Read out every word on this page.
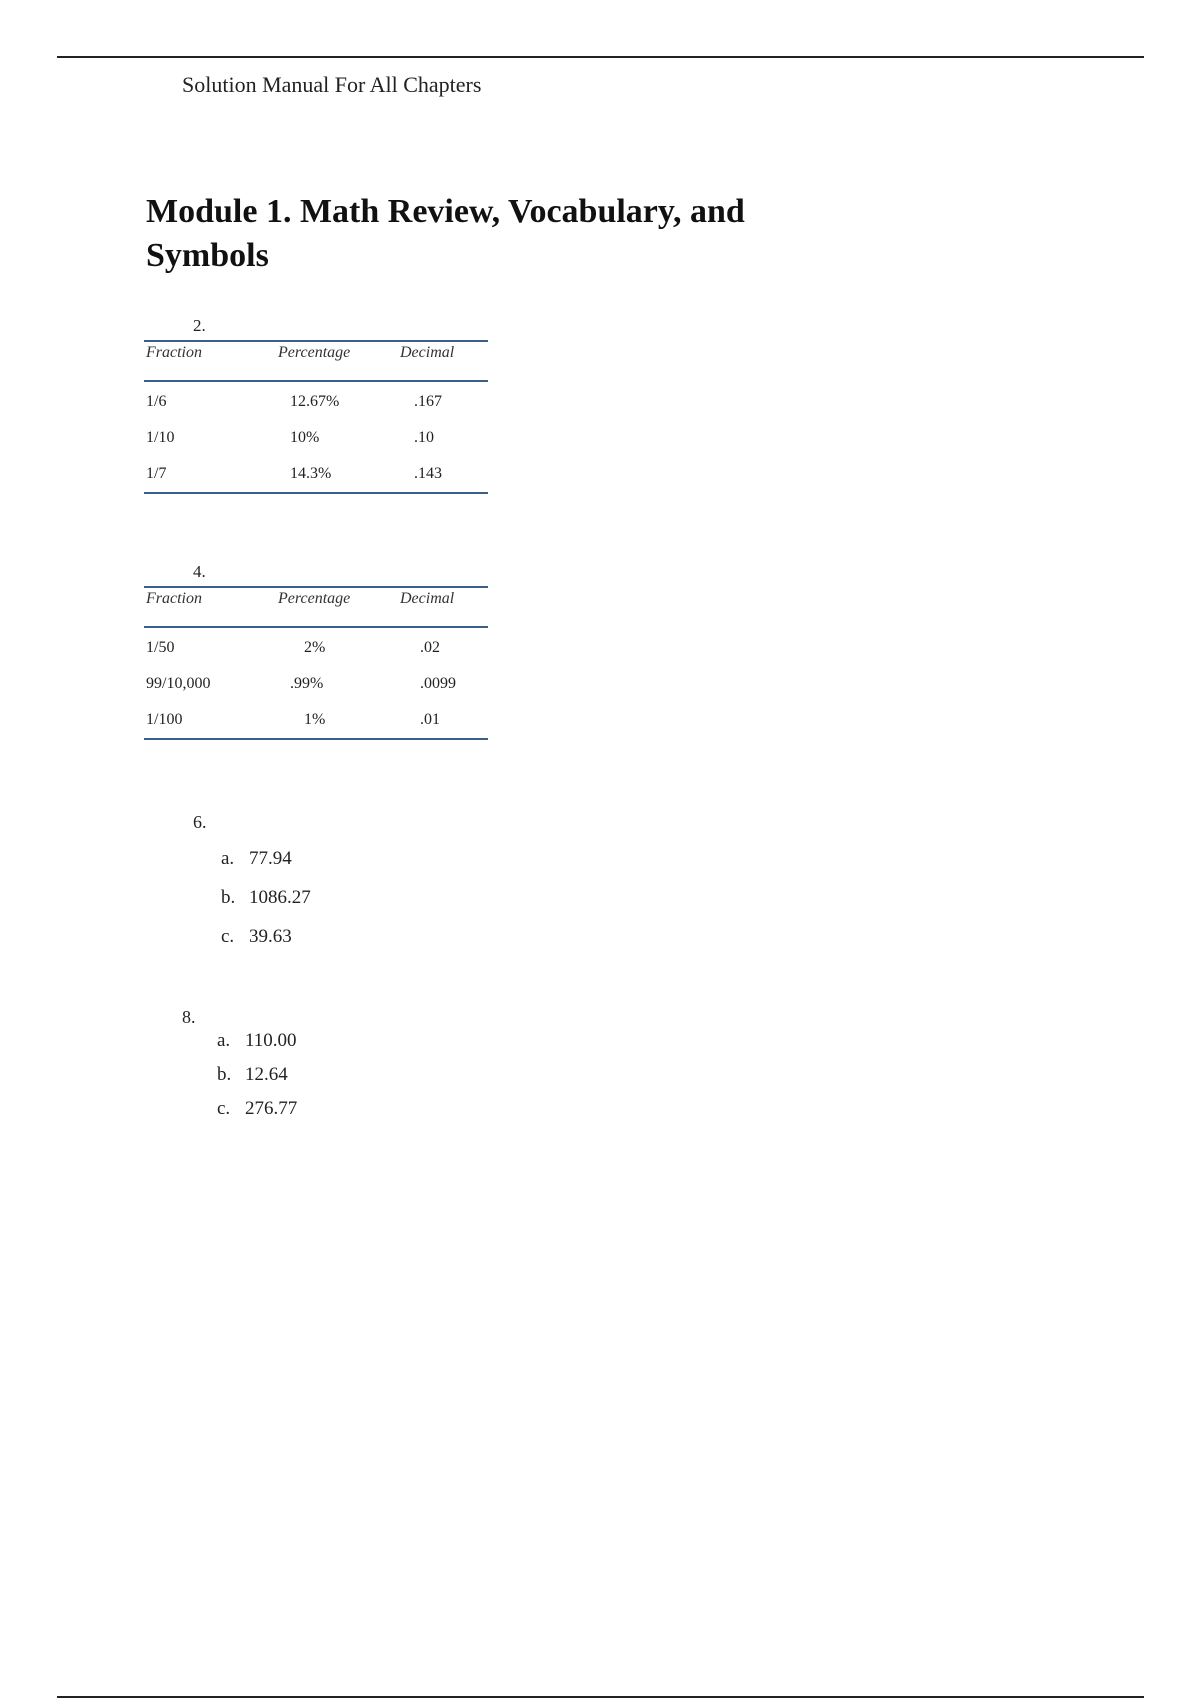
Solution Manual For All Chapters
Module 1. Math Review, Vocabulary, and
Symbols
2.
Fraction	Percentage	Decimal
1/6	12.67%	.167
1/10	10%	.10
1/7	14.3%	.143
4.
Fraction	Percentage	Decimal
1/50	2%	.02
99/10,000	.99%	.0099
1/100	1%	.01
6.
a. 77.94
b. 1086.27
c. 39.63
8.
a. 110.00
b. 12.64
c. 276.77
